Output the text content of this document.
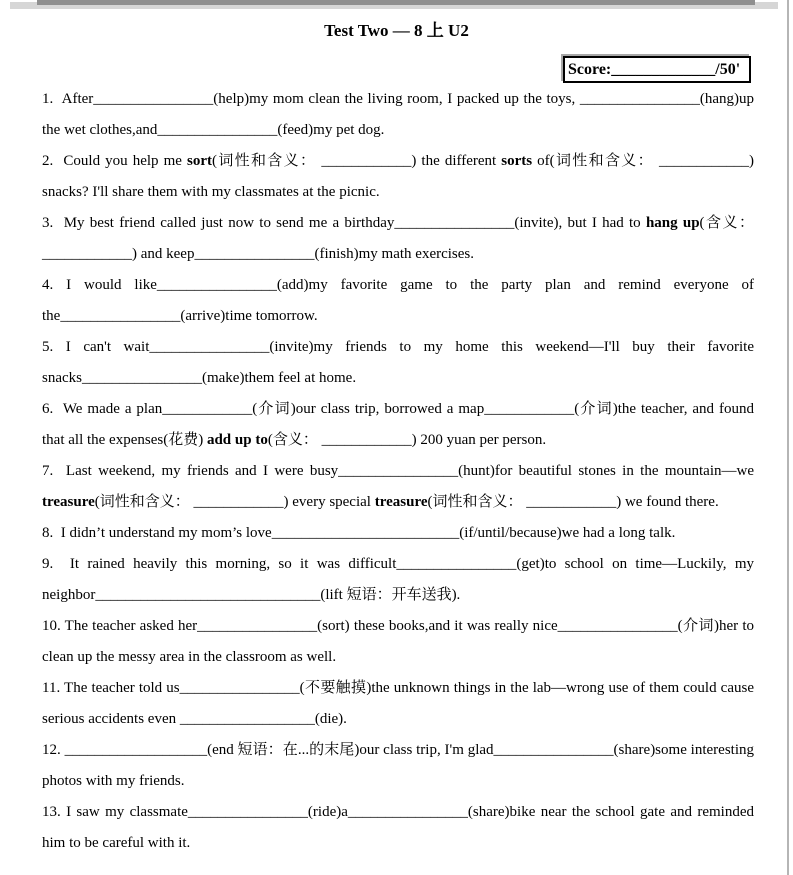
Test Two — 8 上 U2
Score:_____________/50'

1.  After________________(help)my mom clean the living room, I packed up the toys, ________________(hang)up the wet clothes,and________________(feed)my pet dog.

2.  Could you help me sort(词性和含义： ____________) the different sorts of(词性和含义： ____________) snacks? I'll share them with my classmates at the picnic.

3.  My best friend called just now to send me a birthday________________(invite), but I had to hang up(含义： ____________) and keep________________(finish)my math exercises.

4. I would like________________(add)my favorite game to the party plan and remind everyone of the________________(arrive)time tomorrow.

5. I can't wait________________(invite)my friends to my home this weekend—I'll buy their favorite snacks________________(make)them feel at home.

6.  We made a plan____________(介词)our class trip, borrowed a map____________(介词)the teacher, and found that all the expenses(花费) add up to(含义： ____________) 200 yuan per person.

7.  Last weekend, my friends and I were busy________________(hunt)for beautiful stones in the mountain—we treasure(词性和含义： ____________) every special treasure(词性和含义： ____________) we found there.

8.  I didn’t understand my mom’s love_________________________(if/until/because)we had a long talk.

9.  It rained heavily this morning, so it was difficult________________(get)to school on time—Luckily, my neighbor______________________________(lift 短语：开车送我).

10. The teacher asked her________________(sort) these books,and it was really nice________________(介词)her to clean up the messy area in the classroom as well.

11. The teacher told us________________(不要触摸)the unknown things in the lab—wrong use of them could cause serious accidents even __________________(die).

12. ___________________(end 短语：在...的末尾)our class trip, I'm glad________________(share)some interesting photos with my friends.

13. I saw my classmate________________(ride)a________________(share)bike near the school gate and reminded him to be careful with it.
